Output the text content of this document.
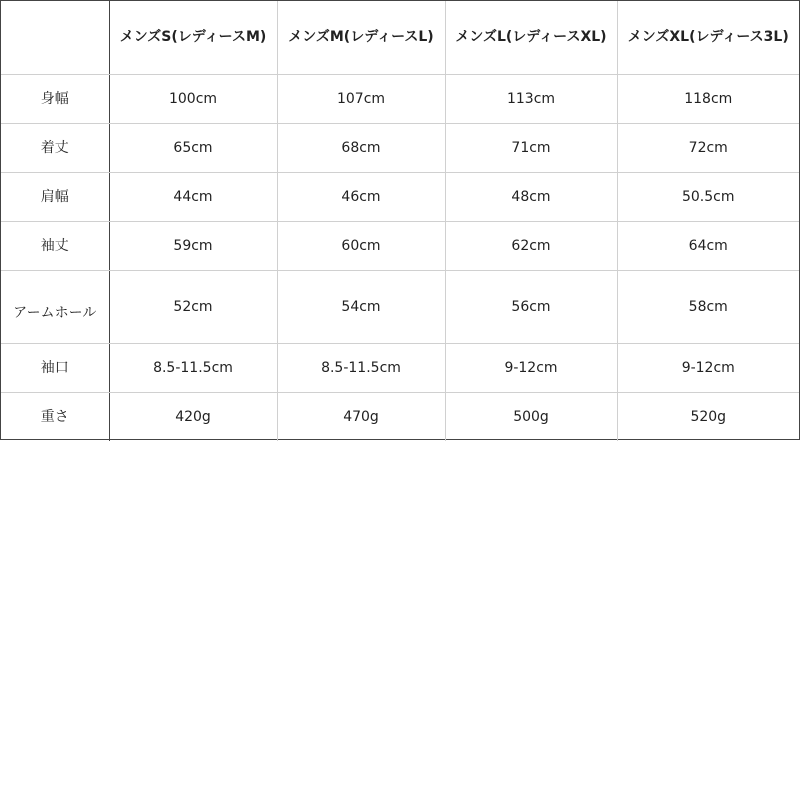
	メンズS(レディースM)	メンズM(レディースL)	メンズL(レディースXL)	メンズXL(レディース3L)
身幅	100cm	107cm	113cm	118cm
着丈	65cm	68cm	71cm	72cm
肩幅	44cm	46cm	48cm	50.5cm
袖丈	59cm	60cm	62cm	64cm
アームホール	52cm	54cm	56cm	58cm
袖口	8.5-11.5cm	8.5-11.5cm	9-12cm	9-12cm
重さ	420g	470g	500g	520g
